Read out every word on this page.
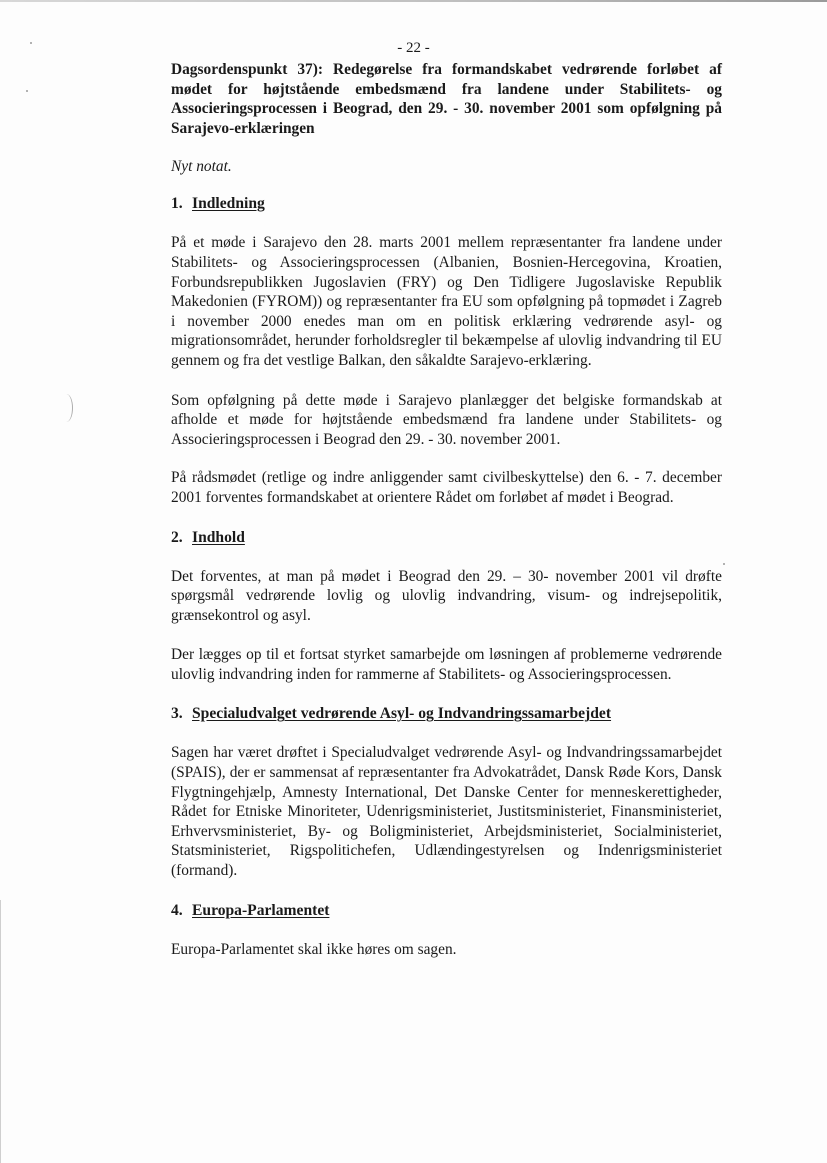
- 22 -

Dagsordenspunkt 37): Redegørelse fra formandskabet vedrørende forløbet af mødet for højtstående embedsmænd fra landene under Stabilitets- og Associeringsprocessen i Beograd, den 29. - 30. november 2001 som opfølgning på Sarajevo-erklæringen

Nyt notat.

1. Indledning

På et møde i Sarajevo den 28. marts 2001 mellem repræsentanter fra landene under Stabilitets- og Associeringsprocessen (Albanien, Bosnien-Hercegovina, Kroatien, Forbundsrepublikken Jugoslavien (FRY) og Den Tidligere Jugoslaviske Republik Makedonien (FYROM)) og repræsentanter fra EU som opfølgning på topmødet i Zagreb i november 2000 enedes man om en politisk erklæring vedrørende asyl- og migrationsområdet, herunder forholdsregler til bekæmpelse af ulovlig indvandring til EU gennem og fra det vestlige Balkan, den såkaldte Sarajevo-erklæring.

Som opfølgning på dette møde i Sarajevo planlægger det belgiske formandskab at afholde et møde for højtstående embedsmænd fra landene under Stabilitets- og Associeringsprocessen i Beograd den 29. - 30. november 2001.

På rådsmødet (retlige og indre anliggender samt civilbeskyttelse) den 6. - 7. december 2001 forventes formandskabet at orientere Rådet om forløbet af mødet i Beograd.

2. Indhold

Det forventes, at man på mødet i Beograd den 29. – 30- november 2001 vil drøfte spørgsmål vedrørende lovlig og ulovlig indvandring, visum- og indrejsepolitik, grænsekontrol og asyl.

Der lægges op til et fortsat styrket samarbejde om løsningen af problemerne vedrørende ulovlig indvandring inden for rammerne af Stabilitets- og Associeringsprocessen.

3. Specialudvalget vedrørende Asyl- og Indvandringssamarbejdet

Sagen har været drøftet i Specialudvalget vedrørende Asyl- og Indvandringssamarbejdet (SPAIS), der er sammensat af repræsentanter fra Advokatrådet, Dansk Røde Kors, Dansk Flygtningehjælp, Amnesty International, Det Danske Center for menneskerettigheder, Rådet for Etniske Minoriteter, Udenrigsministeriet, Justitsministeriet, Finansministeriet, Erhvervsministeriet, By- og Boligministeriet, Arbejdsministeriet, Socialministeriet, Statsministeriet, Rigspolitichefen, Udlændingestyrelsen og Indenrigsministeriet (formand).

4. Europa-Parlamentet

Europa-Parlamentet skal ikke høres om sagen.
